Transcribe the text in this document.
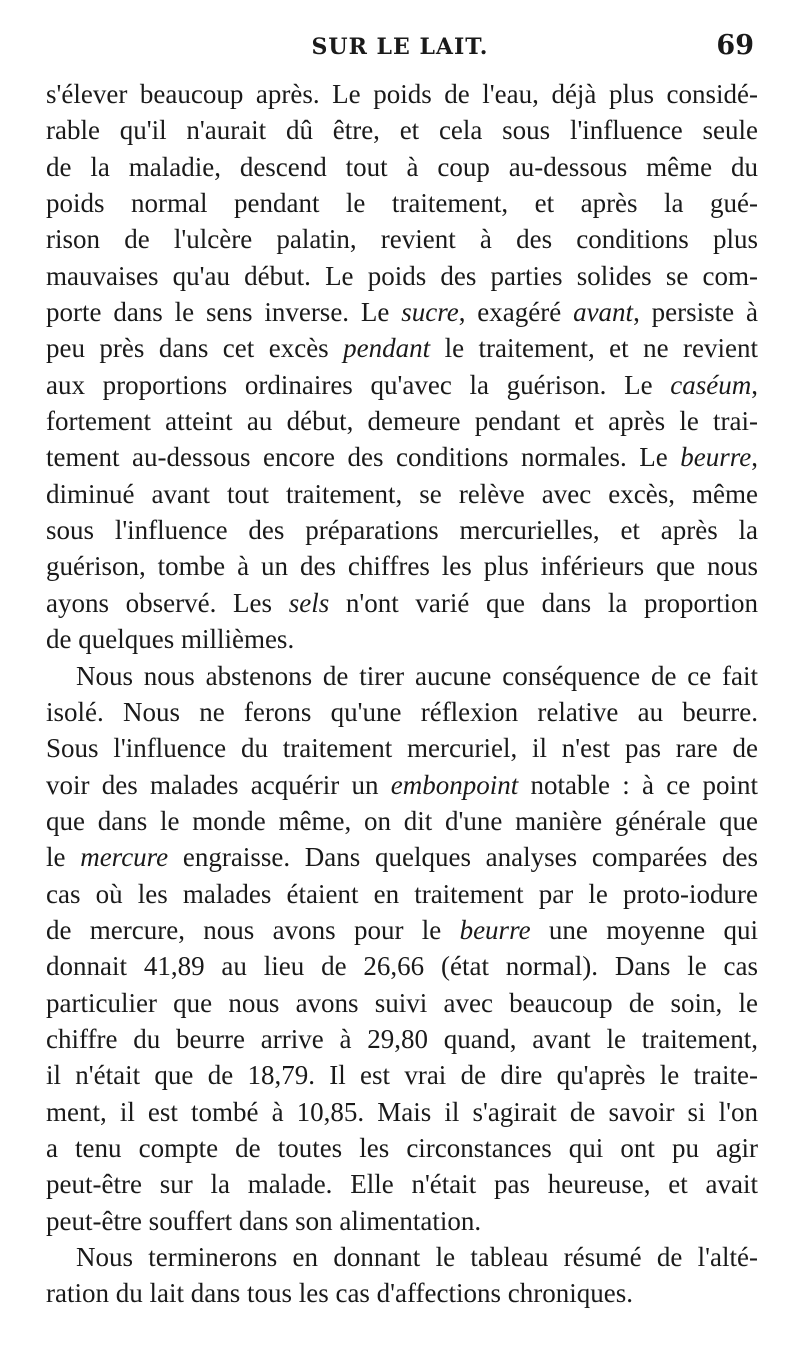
SUR LE LAIT.	69
s'élever beaucoup après. Le poids de l'eau, déjà plus considé-
rable qu'il n'aurait dû être, et cela sous l'influence seule
de la maladie, descend tout à coup au-dessous même du
poids normal pendant le traitement, et après la gué-
rison de l'ulcère palatin, revient à des conditions plus
mauvaises qu'au début. Le poids des parties solides se com-
porte dans le sens inverse. Le sucre, exagéré avant, persiste à
peu près dans cet excès pendant le traitement, et ne revient
aux proportions ordinaires qu'avec la guérison. Le caséum,
fortement atteint au début, demeure pendant et après le trai-
tement au-dessous encore des conditions normales. Le beurre,
diminué avant tout traitement, se relève avec excès, même
sous l'influence des préparations mercurielles, et après la
guérison, tombe à un des chiffres les plus inférieurs que nous
ayons observé. Les sels n'ont varié que dans la proportion
de quelques millièmes.
Nous nous abstenons de tirer aucune conséquence de ce fait
isolé. Nous ne ferons qu'une réflexion relative au beurre.
Sous l'influence du traitement mercuriel, il n'est pas rare de
voir des malades acquérir un embonpoint notable : à ce point
que dans le monde même, on dit d'une manière générale que
le mercure engraisse. Dans quelques analyses comparées des
cas où les malades étaient en traitement par le proto-iodure
de mercure, nous avons pour le beurre une moyenne qui
donnait 41,89 au lieu de 26,66 (état normal). Dans le cas
particulier que nous avons suivi avec beaucoup de soin, le
chiffre du beurre arrive à 29,80 quand, avant le traitement,
il n'était que de 18,79. Il est vrai de dire qu'après le traite-
ment, il est tombé à 10,85. Mais il s'agirait de savoir si l'on
a tenu compte de toutes les circonstances qui ont pu agir
peut-être sur la malade. Elle n'était pas heureuse, et avait
peut-être souffert dans son alimentation.
Nous terminerons en donnant le tableau résumé de l'alté-
ration du lait dans tous les cas d'affections chroniques.
